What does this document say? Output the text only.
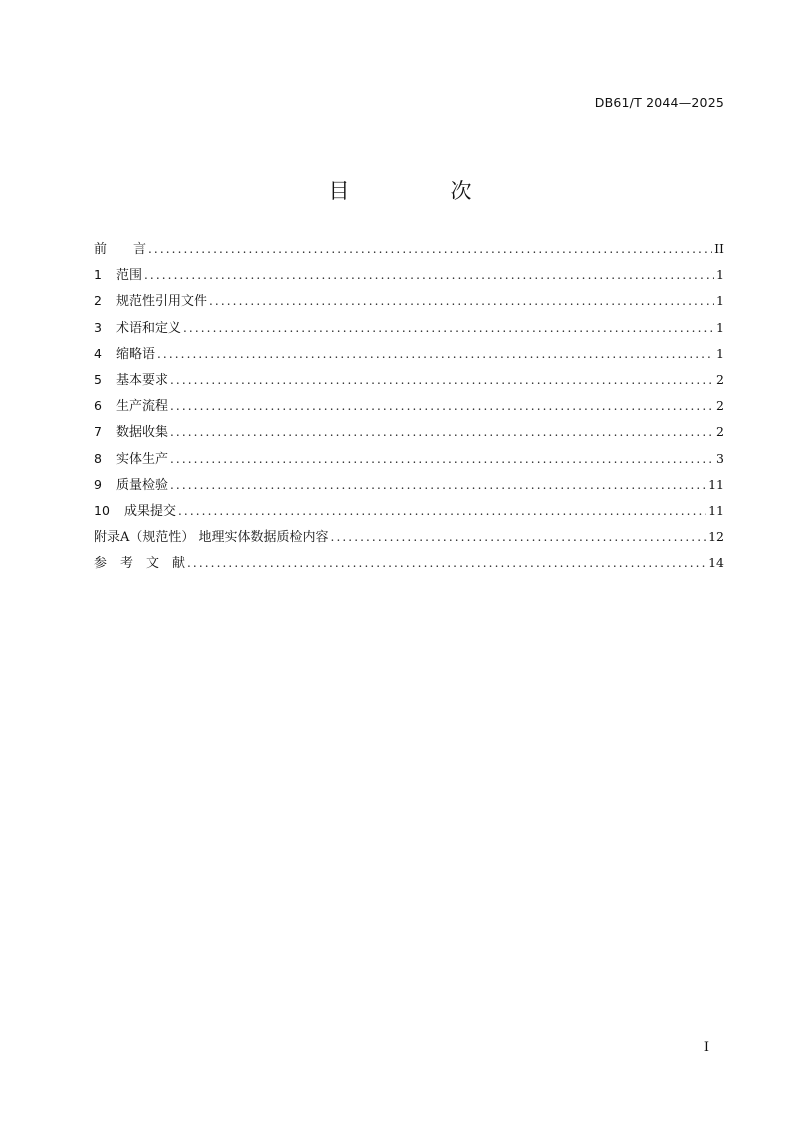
DB61/T 2044—2025
目　次
前　　言 .....	II
1	范围 .....	1
2	规范性引用文件 .....	1
3	术语和定义 .....	1
4	缩略语 .....	1
5	基本要求 .....	2
6	生产流程 .....	2
7	数据收集 .....	2
8	实体生产 .....	3
9	质量检验 .....	11
10	成果提交 .....	11
附录A（规范性） 地理实体数据质检内容 .....	12
参　考　文　献 .....	14
I
